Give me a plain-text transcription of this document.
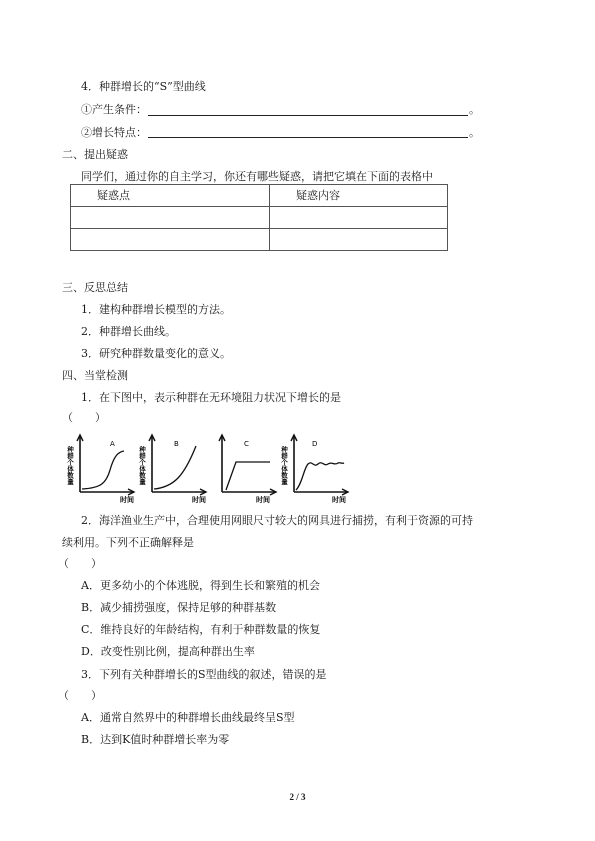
4．种群增长的“S”型曲线
①产生条件：	。
②增长特点：	。
二、提出疑惑
同学们，通过你的自主学习，你还有哪些疑惑，请把它填在下面的表格中
疑惑点	疑惑内容

三、反思总结
1．建构种群增长模型的方法。
2．种群增长曲线。
3．研究种群数量变化的意义。
四、当堂检测
1．在下图中，表示种群在无环境阻力状况下增长的是
（　　）
A
种群个体数量
时间
B
种群个体数量
时间
C
时间
D
种群个体数量
时间
2．海洋渔业生产中，合理使用网眼尺寸较大的网具进行捕捞，有利于资源的可持
续利用。下列不正确解释是
（　　）
A．更多幼小的个体逃脱，得到生长和繁殖的机会
B．减少捕捞强度，保持足够的种群基数
C．维持良好的年龄结构，有利于种群数量的恢复
D．改变性别比例，提高种群出生率
3．下列有关种群增长的S型曲线的叙述，错误的是
（　　）
A．通常自然界中的种群增长曲线最终呈S型
B．达到K值时种群增长率为零
2 / 3
